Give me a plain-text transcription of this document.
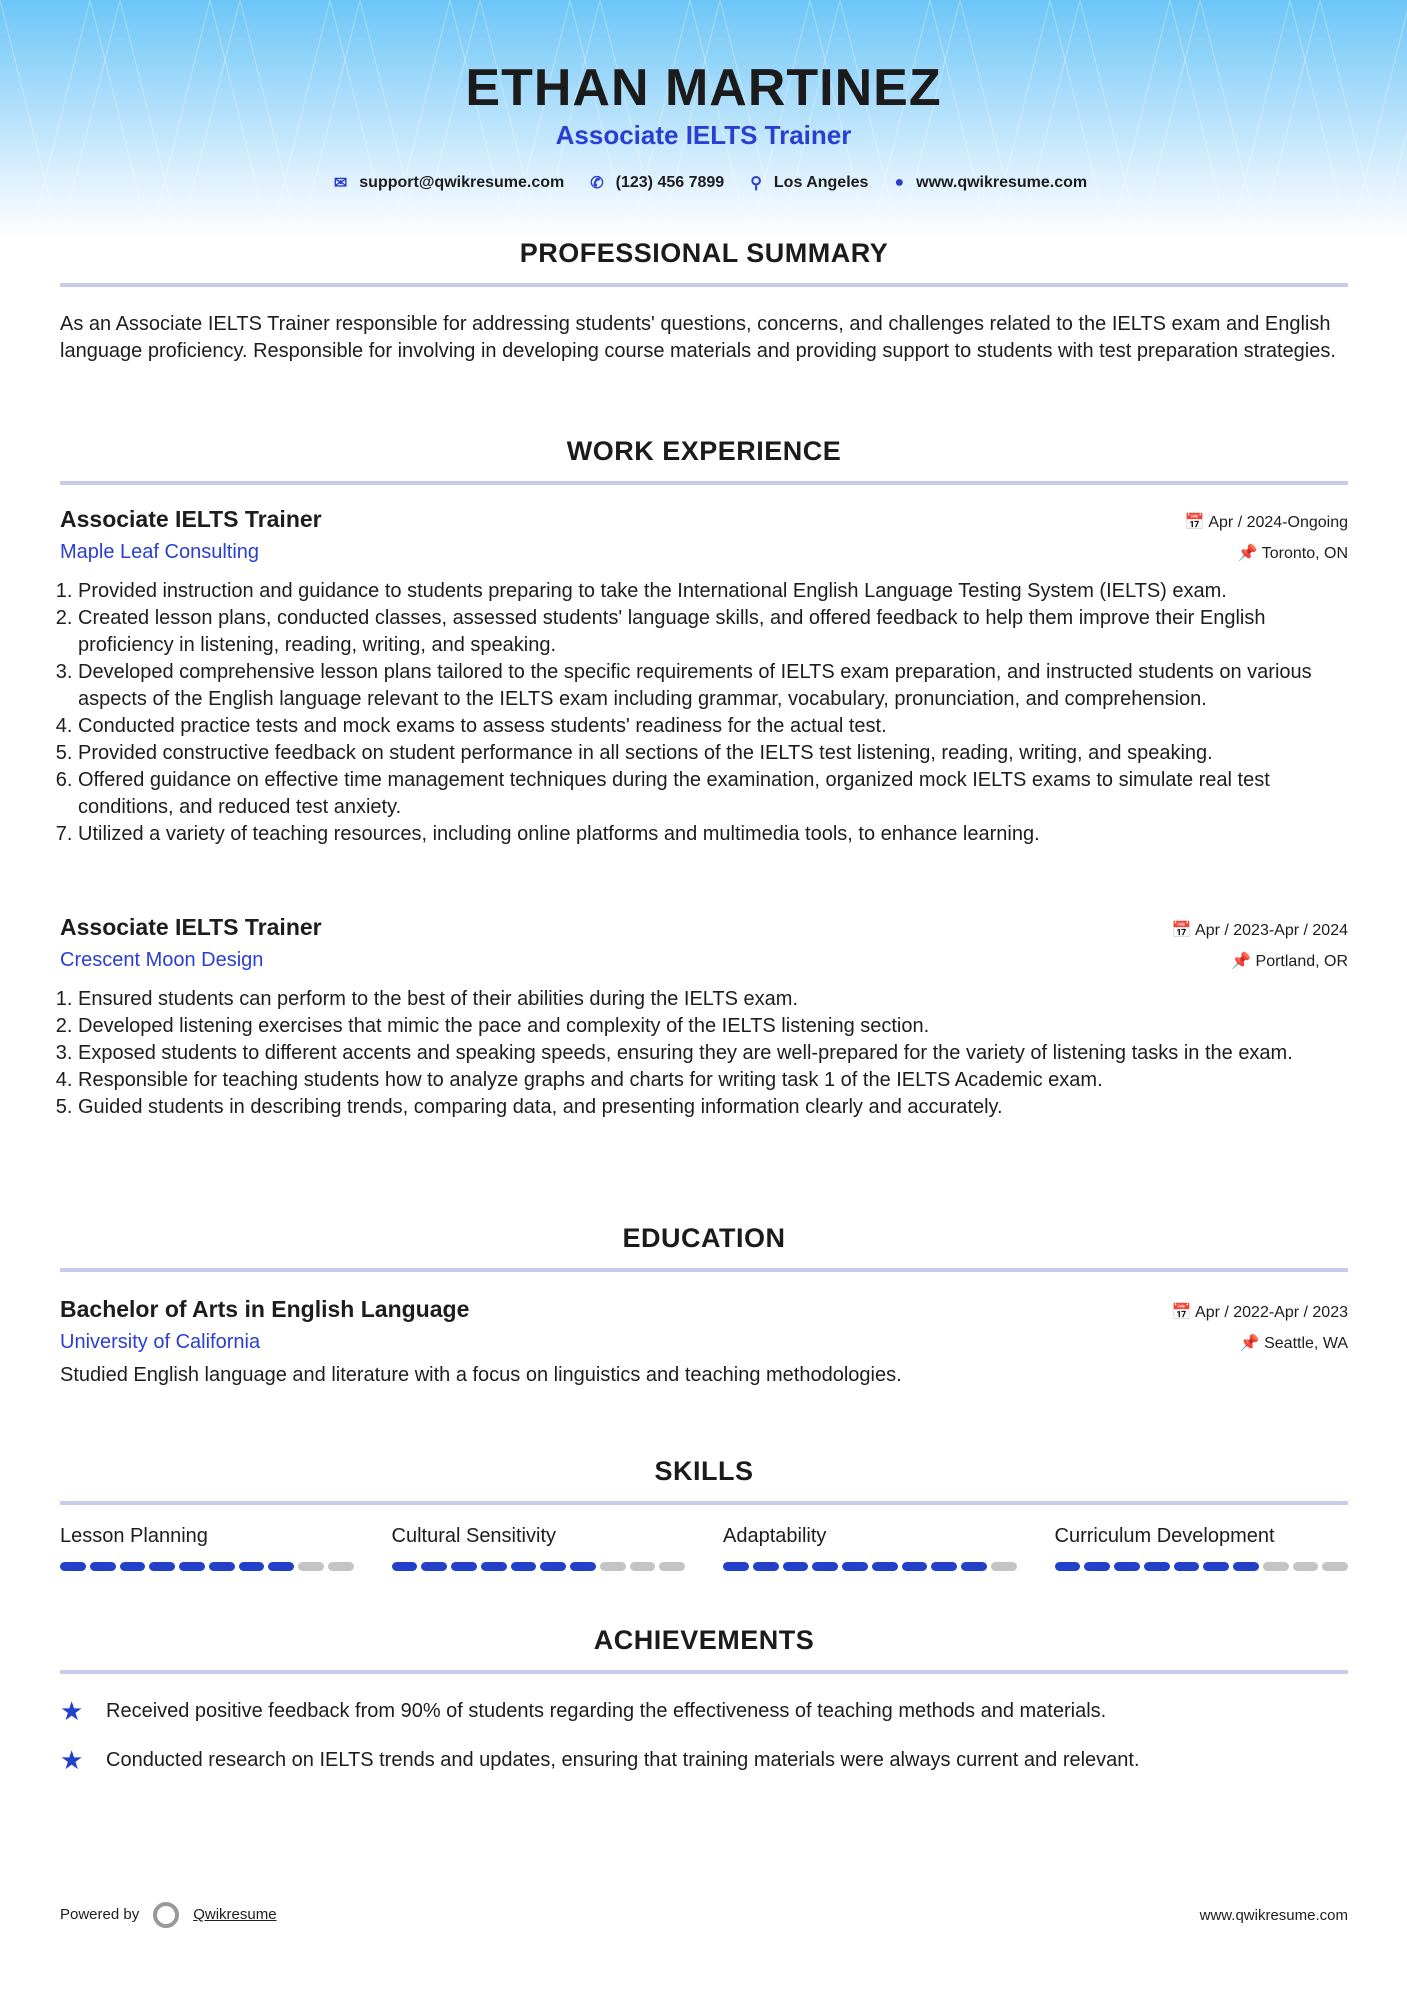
ETHAN MARTINEZ
Associate IELTS Trainer
✉ support@qwikresume.com ✆ (123) 456 7899 ⚲ Los Angeles ● www.qwikresume.com
PROFESSIONAL SUMMARY

As an Associate IELTS Trainer responsible for addressing students' questions, concerns, and challenges related to the IELTS exam and English language proficiency. Responsible for involving in developing course materials and providing support to students with test preparation strategies.

WORK EXPERIENCE
Associate IELTS Trainer	📅 Apr / 2024-Ongoing
Maple Leaf Consulting	📌 Toronto, ON
1. Provided instruction and guidance to students preparing to take the International English Language Testing System (IELTS) exam.
2. Created lesson plans, conducted classes, assessed students' language skills, and offered feedback to help them improve their English proficiency in listening, reading, writing, and speaking.
3. Developed comprehensive lesson plans tailored to the specific requirements of IELTS exam preparation, and instructed students on various aspects of the English language relevant to the IELTS exam including grammar, vocabulary, pronunciation, and comprehension.
4. Conducted practice tests and mock exams to assess students' readiness for the actual test.
5. Provided constructive feedback on student performance in all sections of the IELTS test listening, reading, writing, and speaking.
6. Offered guidance on effective time management techniques during the examination, organized mock IELTS exams to simulate real test conditions, and reduced test anxiety.
7. Utilized a variety of teaching resources, including online platforms and multimedia tools, to enhance learning.
Associate IELTS Trainer	📅 Apr / 2023-Apr / 2024
Crescent Moon Design	📌 Portland, OR
1. Ensured students can perform to the best of their abilities during the IELTS exam.
2. Developed listening exercises that mimic the pace and complexity of the IELTS listening section.
3. Exposed students to different accents and speaking speeds, ensuring they are well-prepared for the variety of listening tasks in the exam.
4. Responsible for teaching students how to analyze graphs and charts for writing task 1 of the IELTS Academic exam.
5. Guided students in describing trends, comparing data, and presenting information clearly and accurately.
EDUCATION
Bachelor of Arts in English Language	📅 Apr / 2022-Apr / 2023
University of California	📌 Seattle, WA

Studied English language and literature with a focus on linguistics and teaching methodologies.

SKILLS
Lesson Planning	Cultural Sensitivity	Adaptability	Curriculum Development
ACHIEVEMENTS
★	Received positive feedback from 90% of students regarding the effectiveness of teaching methods and materials.
★	Conducted research on IELTS trends and updates, ensuring that training materials were always current and relevant.
Powered by	Qwikresume	www.qwikresume.com
